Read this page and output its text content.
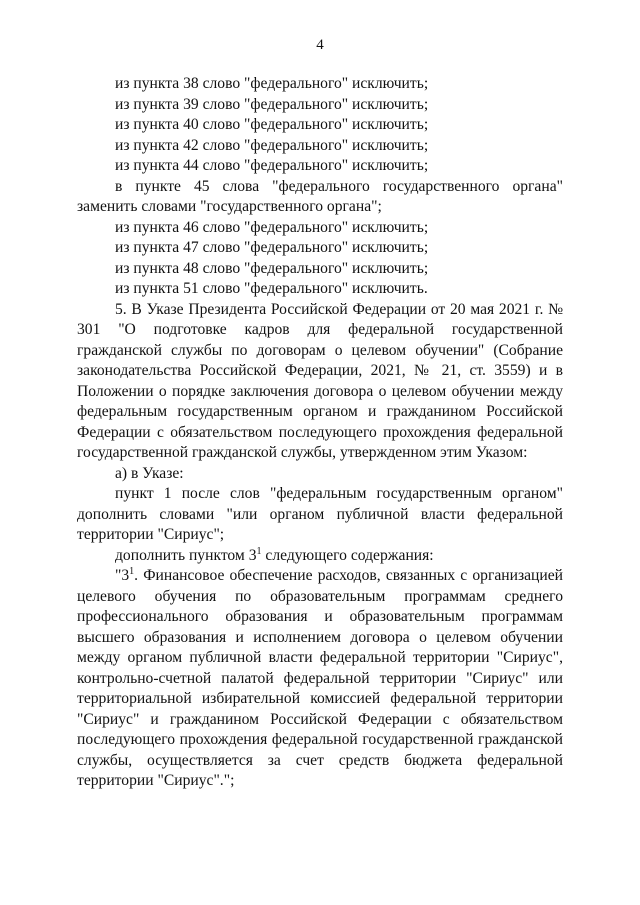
4

из пункта 38 слово "федерального" исключить;

из пункта 39 слово "федерального" исключить;

из пункта 40 слово "федерального" исключить;

из пункта 42 слово "федерального" исключить;

из пункта 44 слово "федерального" исключить;

в пункте 45 слова "федерального государственного органа" заменить словами "государственного органа";

из пункта 46 слово "федерального" исключить;

из пункта 47 слово "федерального" исключить;

из пункта 48 слово "федерального" исключить;

из пункта 51 слово "федерального" исключить.

5. В Указе Президента Российской Федерации от 20 мая 2021 г. № 301 "О подготовке кадров для федеральной государственной гражданской службы по договорам о целевом обучении" (Собрание законодательства Российской Федерации, 2021, № 21, ст. 3559) и в Положении о порядке заключения договора о целевом обучении между федеральным государственным органом и гражданином Российской Федерации с обязательством последующего прохождения федеральной государственной гражданской службы, утвержденном этим Указом:

а) в Указе:

пункт 1 после слов "федеральным государственным органом" дополнить словами "или органом публичной власти федеральной территории "Сириус";

дополнить пунктом $3^1$ следующего содержания:

"$3^1$. Финансовое обеспечение расходов, связанных с организацией целевого обучения по образовательным программам среднего профессионального образования и образовательным программам высшего образования и исполнением договора о целевом обучении между органом публичной власти федеральной территории "Сириус", контрольно-счетной палатой федеральной территории "Сириус" или территориальной избирательной комиссией федеральной территории "Сириус" и гражданином Российской Федерации с обязательством последующего прохождения федеральной государственной гражданской службы, осуществляется за счет средств бюджета федеральной территории "Сириус".";
